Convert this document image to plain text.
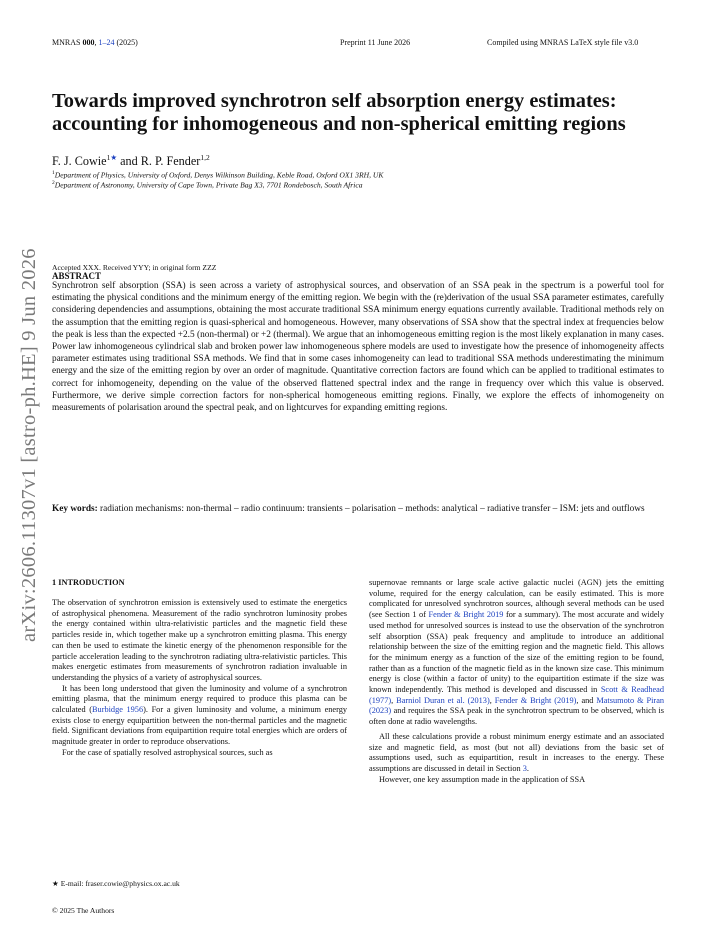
MNRAS 000, 1–24 (2025)	Preprint 11 June 2026	Compiled using MNRAS LaTeX style file v3.0
arXiv:2606.11307v1 [astro-ph.HE] 9 Jun 2026
Towards improved synchrotron self absorption energy estimates:
accounting for inhomogeneous and non-spherical emitting regions
F. J. Cowie$^{1★}$ and R. P. Fender$^{1,2}$
$^1$Department of Physics, University of Oxford, Denys Wilkinson Building, Keble Road, Oxford OX1 3RH, UK
$^2$Department of Astronomy, University of Cape Town, Private Bag X3, 7701 Rondebosch, South Africa
Accepted XXX. Received YYY; in original form ZZZ
ABSTRACT
Synchrotron self absorption (SSA) is seen across a variety of astrophysical sources, and observation of an SSA peak in the spectrum is a powerful tool for estimating the physical conditions and the minimum energy of the emitting region. We begin with the (re)derivation of the usual SSA parameter estimates, carefully considering dependencies and assumptions, obtaining the most accurate traditional SSA minimum energy equations currently available. Traditional methods rely on the assumption that the emitting region is quasi-spherical and homogeneous. However, many observations of SSA show that the spectral index at frequencies below the peak is less than the expected +2.5 (non-thermal) or +2 (thermal). We argue that an inhomogeneous emitting region is the most likely explanation in many cases. Power law inhomogeneous cylindrical slab and broken power law inhomogeneous sphere models are used to investigate how the presence of inhomogeneity affects parameter estimates using traditional SSA methods. We find that in some cases inhomogeneity can lead to traditional SSA methods underestimating the minimum energy and the size of the emitting region by over an order of magnitude. Quantitative correction factors are found which can be applied to traditional estimates to correct for inhomogeneity, depending on the value of the observed flattened spectral index and the range in frequency over which this value is observed. Furthermore, we derive simple correction factors for non-spherical homogeneous emitting regions. Finally, we explore the effects of inhomogeneity on measurements of polarisation around the spectral peak, and on lightcurves for expanding emitting regions.
Key words: radiation mechanisms: non-thermal – radio continuum: transients – polarisation – methods: analytical – radiative transfer – ISM: jets and outflows
1 INTRODUCTION

The observation of synchrotron emission is extensively used to estimate the energetics of astrophysical phenomena. Measurement of the radio synchrotron luminosity probes the energy contained within ultra-relativistic particles and the magnetic field these particles reside in, which together make up a synchrotron emitting plasma. This energy can then be used to estimate the kinetic energy of the phenomenon responsible for the particle acceleration leading to the synchrotron radiating ultra-relativistic particles. This makes energetic estimates from measurements of synchrotron radiation invaluable in understanding the physics of a variety of astrophysical sources.

It has been long understood that given the luminosity and volume of a synchrotron emitting plasma, that the minimum energy required to produce this plasma can be calculated (Burbidge 1956). For a given luminosity and volume, a minimum energy exists close to energy equipartition between the non-thermal particles and the magnetic field. Significant deviations from equipartition require total energies which are orders of magnitude greater in order to reproduce observations.

For the case of spatially resolved astrophysical sources, such as

supernovae remnants or large scale active galactic nuclei (AGN) jets the emitting volume, required for the energy calculation, can be easily estimated. This is more complicated for unresolved synchrotron sources, although several methods can be used (see Section 1 of Fender & Bright 2019 for a summary). The most accurate and widely used method for unresolved sources is instead to use the observation of the synchrotron self absorption (SSA) peak frequency and amplitude to introduce an additional relationship between the size of the emitting region and the magnetic field. This allows for the minimum energy as a function of the size of the emitting region to be found, rather than as a function of the magnetic field as in the known size case. This minimum energy is close (within a factor of unity) to the equipartition estimate if the size was known independently. This method is developed and discussed in Scott & Readhead (1977), Barniol Duran et al. (2013), Fender & Bright (2019), and Matsumoto & Piran (2023) and requires the SSA peak in the synchrotron spectrum to be observed, which is often done at radio wavelengths.

All these calculations provide a robust minimum energy estimate and an associated size and magnetic field, as most (but not all) deviations from the basic set of assumptions used, such as equipartition, result in increases to the energy. These assumptions are discussed in detail in Section 3.

However, one key assumption made in the application of SSA

★ E-mail: fraser.cowie@physics.ox.ac.uk
© 2025 The Authors
